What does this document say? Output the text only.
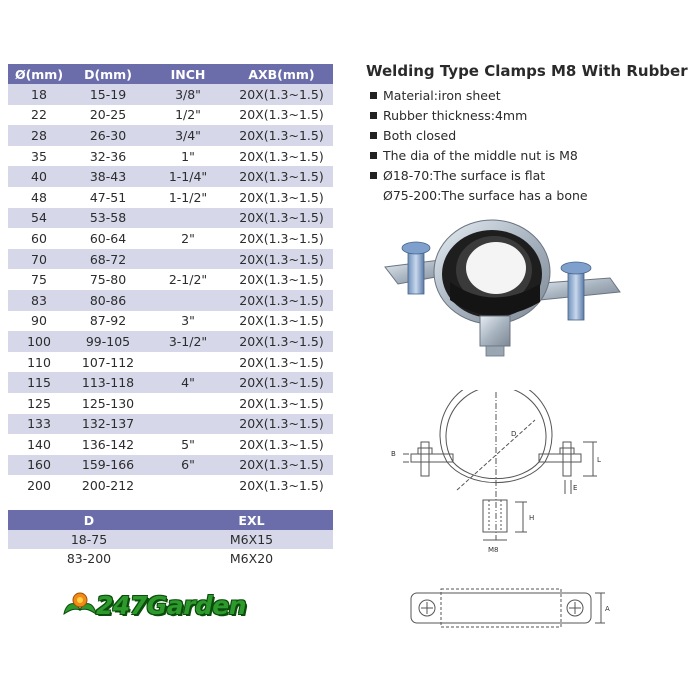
Ø(mm)	D(mm)	INCH	AXB(mm)
18	15-19	3/8"	20X(1.3~1.5)
22	20-25	1/2"	20X(1.3~1.5)
28	26-30	3/4"	20X(1.3~1.5)
35	32-36	1"	20X(1.3~1.5)
40	38-43	1-1/4"	20X(1.3~1.5)
48	47-51	1-1/2"	20X(1.3~1.5)
54	53-58		20X(1.3~1.5)
60	60-64	2"	20X(1.3~1.5)
70	68-72		20X(1.3~1.5)
75	75-80	2-1/2"	20X(1.3~1.5)
83	80-86		20X(1.3~1.5)
90	87-92	3"	20X(1.3~1.5)
100	99-105	3-1/2"	20X(1.3~1.5)
110	107-112		20X(1.3~1.5)
115	113-118	4"	20X(1.3~1.5)
125	125-130		20X(1.3~1.5)
133	132-137		20X(1.3~1.5)
140	136-142	5"	20X(1.3~1.5)
160	159-166	6"	20X(1.3~1.5)
200	200-212		20X(1.3~1.5)
D	EXL
18-75	M6X15
83-200	M6X20
247Garden
Welding Type Clamps M8 With Rubber
Material:iron sheet
Rubber thickness:4mm
Both closed
The dia of the middle nut is M8
Ø18-70:The surface is flat
Ø75-200:The surface has a bone
B
D
L
E
H
M8
A
